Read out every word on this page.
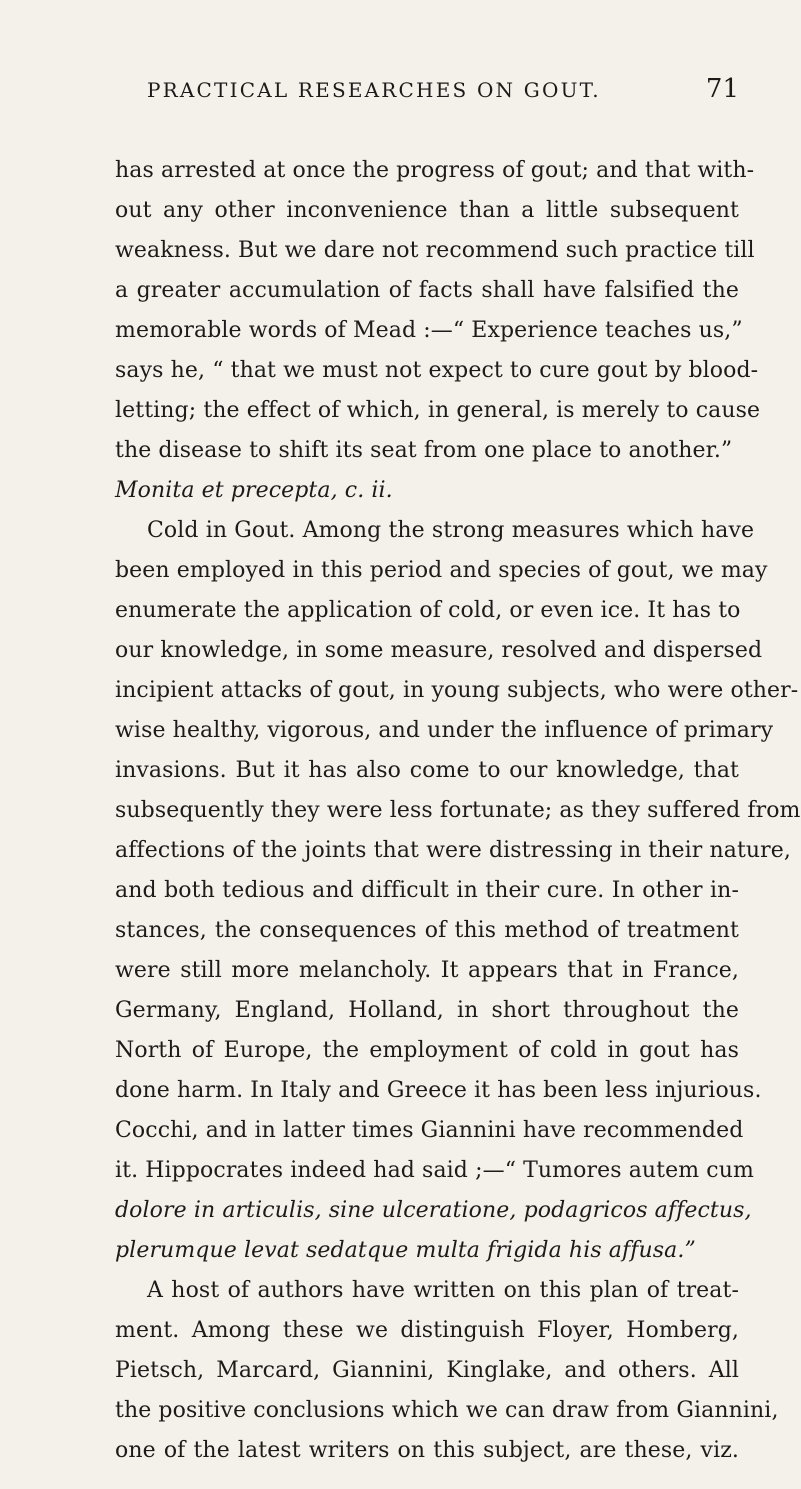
PRACTICAL RESEARCHES ON GOUT.	71
has arrested at once the progress of gout; and that with-
out any other inconvenience than a little subsequent
weakness. But we dare not recommend such practice till
a greater accumulation of facts shall have falsified the
memorable words of Mead :—“ Experience teaches us,”
says he, “ that we must not expect to cure gout by blood-
letting; the effect of which, in general, is merely to cause
the disease to shift its seat from one place to another.”
Monita et precepta, c. ii.
Cold in Gout. Among the strong measures which have
been employed in this period and species of gout, we may
enumerate the application of cold, or even ice. It has to
our knowledge, in some measure, resolved and dispersed
incipient attacks of gout, in young subjects, who were other-
wise healthy, vigorous, and under the influence of primary
invasions. But it has also come to our knowledge, that
subsequently they were less fortunate; as they suffered from
affections of the joints that were distressing in their nature,
and both tedious and difficult in their cure. In other in-
stances, the consequences of this method of treatment
were still more melancholy. It appears that in France,
Germany, England, Holland, in short throughout the
North of Europe, the employment of cold in gout has
done harm. In Italy and Greece it has been less injurious.
Cocchi, and in latter times Giannini have recommended
it. Hippocrates indeed had said ;—“ Tumores autem cum
dolore in articulis, sine ulceratione, podagricos affectus,
plerumque levat sedatque multa frigida his affusa.”
A host of authors have written on this plan of treat-
ment. Among these we distinguish Floyer, Homberg,
Pietsch, Marcard, Giannini, Kinglake, and others. All
the positive conclusions which we can draw from Giannini,
one of the latest writers on this subject, are these, viz.
